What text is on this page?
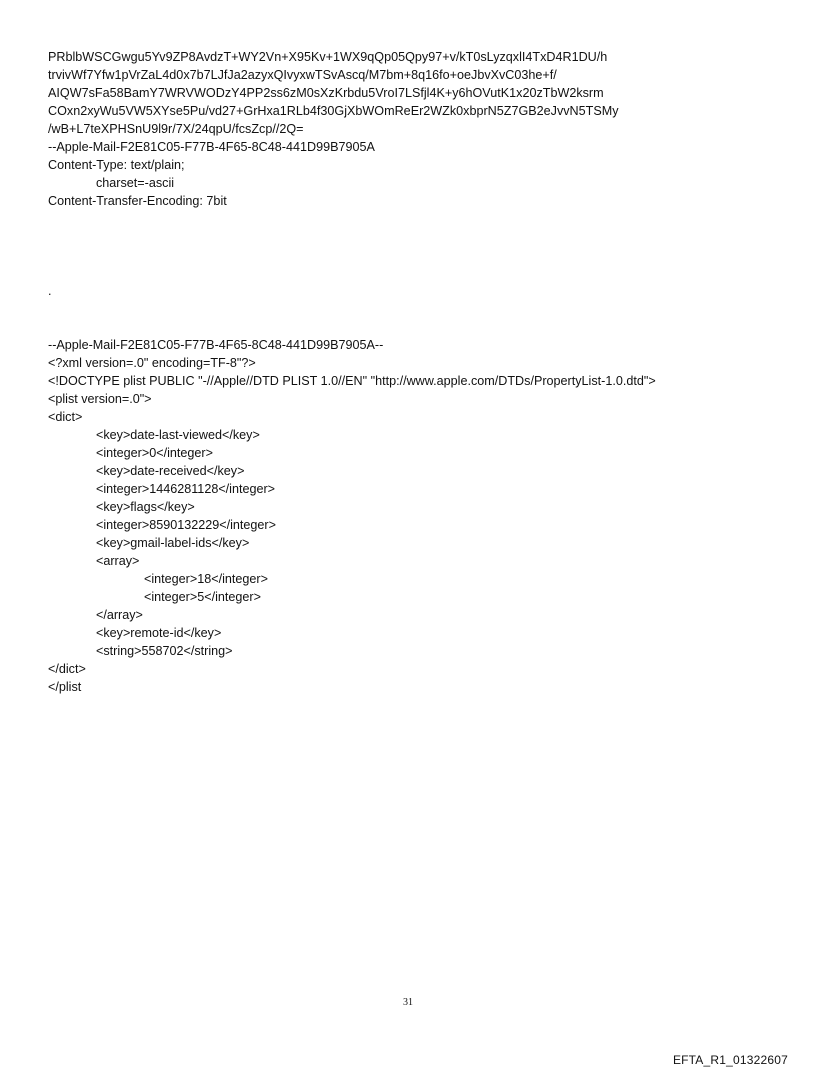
PRblbWSCGwgu5Yv9ZP8AvdzT+WY2Vn+X95Kv+1WX9qQp05Qpy97+v/kT0sLyzqxlI4TxD4R1DU/h
trvivWf7Yfw1pVrZaL4d0x7b7LJfJa2azyxQIvyxwTSvAscq/M7bm+8q16fo+oeJbvXvC03he+f/
AIQW7sFa58BamY7WRVWODzY4PP2ss6zM0sXzKrbdu5VroI7LSfjl4K+y6hOVutK1x20zTbW2ksrm
COxn2xyWu5VW5XYse5Pu/vd27+GrHxa1RLb4f30GjXbWOmReEr2WZk0xbprN5Z7GB2eJvvN5TSMy
/wB+L7teXPHSnU9l9r/7X/24qpU/fcsZcp//2Q=
--Apple-Mail-F2E81C05-F77B-4F65-8C48-441D99B7905A
Content-Type: text/plain;
charset=-ascii
Content-Transfer-Encoding: 7bit
.
--Apple-Mail-F2E81C05-F77B-4F65-8C48-441D99B7905A--
<?xml version=.0" encoding=TF-8"?>
<!DOCTYPE plist PUBLIC "-//Apple//DTD PLIST 1.0//EN" "http://www.apple.com/DTDs/PropertyList-1.0.dtd">
<plist version=.0">
<dict>
<key>date-last-viewed</key>
<integer>0</integer>
<key>date-received</key>
<integer>1446281128</integer>
<key>flags</key>
<integer>8590132229</integer>
<key>gmail-label-ids</key>
<array>
<integer>18</integer>
<integer>5</integer>
</array>
<key>remote-id</key>
<string>558702</string>
</dict>
</plist
31
EFTA_R1_01322607
